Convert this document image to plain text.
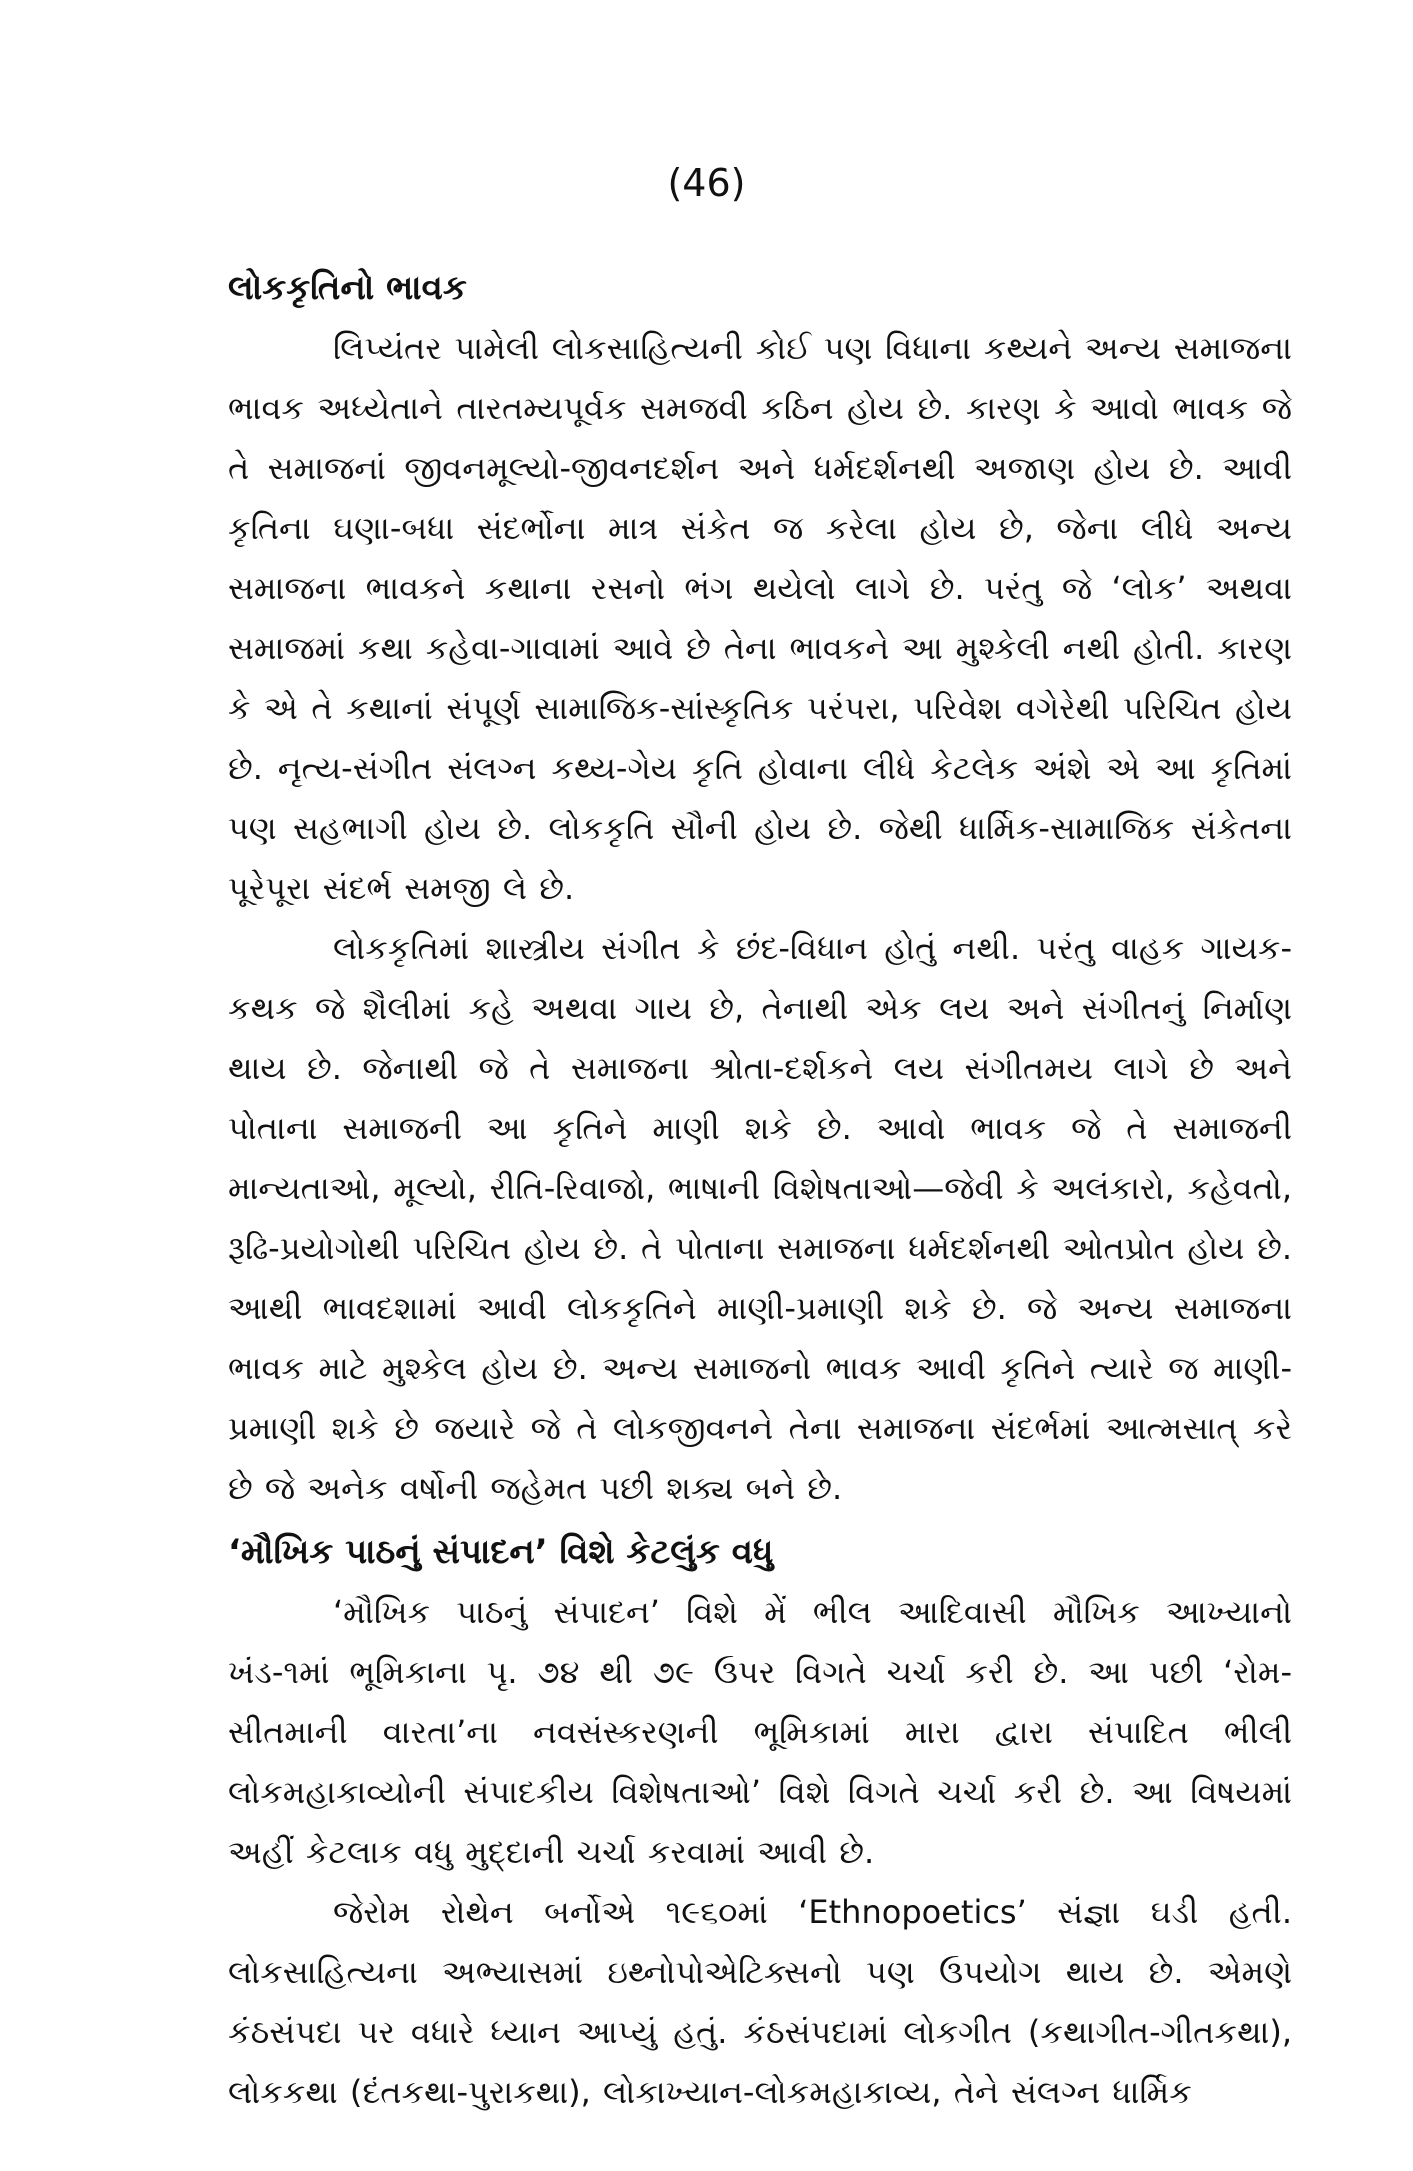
(46)
લોકકૃતિનો ભાવક

લિપ્યંતર પામેલી લોકસાહિત્યની કોઈ પણ વિધાના કથ્યને અન્ય સમાજના ભાવક અધ્યેતાને તારતમ્યપૂર્વક સમજવી કઠિન હોય છે. કારણ કે આવો ભાવક જે તે સમાજનાં જીવનમૂલ્યો-જીવનદર્શન અને ધર્મદર્શનથી અજાણ હોય છે. આવી કૃતિના ઘણા-બધા સંદર્ભોના માત્ર સંકેત જ કરેલા હોય છે, જેના લીધે અન્ય સમાજના ભાવકને કથાના રસનો ભંગ થયેલો લાગે છે. પરંતુ જે ‘લોક’ અથવા સમાજમાં કથા કહેવા-ગાવામાં આવે છે તેના ભાવકને આ મુશ્કેલી નથી હોતી. કારણ કે એ તે કથાનાં સંપૂર્ણ સામાજિક-સાંસ્કૃતિક પરંપરા, પરિવેશ વગેરેથી પરિચિત હોય છે. નૃત્ય-સંગીત સંલગ્ન કથ્ય-ગેય કૃતિ હોવાના લીધે કેટલેક અંશે એ આ કૃતિમાં પણ સહભાગી હોય છે. લોકકૃતિ સૌની હોય છે. જેથી ધાર્મિક-સામાજિક સંકેતના પૂરેપૂરા સંદર્ભ સમજી લે છે.

લોકકૃતિમાં શાસ્ત્રીય સંગીત કે છંદ-વિધાન હોતું નથી. પરંતુ વાહક ગાયક-કથક જે શૈલીમાં કહે અથવા ગાય છે, તેનાથી એક લય અને સંગીતનું નિર્માણ થાય છે. જેનાથી જે તે સમાજના શ્રોતા-દર્શકને લય સંગીતમય લાગે છે અને પોતાના સમાજની આ કૃતિને માણી શકે છે. આવો ભાવક જે તે સમાજની માન્યતાઓ, મૂલ્યો, રીતિ-રિવાજો, ભાષાની વિશેષતાઓ—જેવી કે અલંકારો, કહેવતો, રૂઢિ-પ્રયોગોથી પરિચિત હોય છે. તે પોતાના સમાજના ધર્મદર્શનથી ઓતપ્રોત હોય છે. આથી ભાવદશામાં આવી લોકકૃતિને માણી-પ્રમાણી શકે છે. જે અન્ય સમાજના ભાવક માટે મુશ્કેલ હોય છે. અન્ય સમાજનો ભાવક આવી કૃતિને ત્યારે જ માણી-પ્રમાણી શકે છે જયારે જે તે લોકજીવનને તેના સમાજના સંદર્ભમાં આત્મસાત્ કરે છે જે અનેક વર્ષોની જહેમત પછી શક્ય બને છે.

‘મૌખિક પાઠનું સંપાદન’ વિશે કેટલુંક વધુ

‘મૌખિક પાઠનું સંપાદન’ વિશે મેં ભીલ આદિવાસી મૌખિક આખ્યાનો ખંડ-૧માં ભૂમિકાના પૃ. ૭૪ થી ૭૯ ઉપર વિગતે ચર્ચા કરી છે. આ પછી ‘રોમ-સીતમાની વારતા’ના નવસંસ્કરણની ભૂમિકામાં મારા દ્વારા સંપાદિત ભીલી લોકમહાકાવ્યોની સંપાદકીય વિશેષતાઓ’ વિશે વિગતે ચર્ચા કરી છે. આ વિષયમાં અહીં કેટલાક વધુ મુદ્દાની ચર્ચા કરવામાં આવી છે.

જેરોમ રોથેન બર્નોએ ૧૯૬૦માં ‘Ethnopoetics’ સંજ્ઞા ઘડી હતી. લોકસાહિત્યના અભ્યાસમાં ઇથ્નોપોએટિક્સનો પણ ઉપયોગ થાય છે. એમણે કંઠસંપદા પર વધારે ધ્યાન આપ્યું હતું. કંઠસંપદામાં લોકગીત (કથાગીત-ગીતકથા), લોકકથા (દંતકથા-પુરાકથા), લોકાખ્યાન-લોકમહાકાવ્ય, તેને સંલગ્ન ધાર્મિક
